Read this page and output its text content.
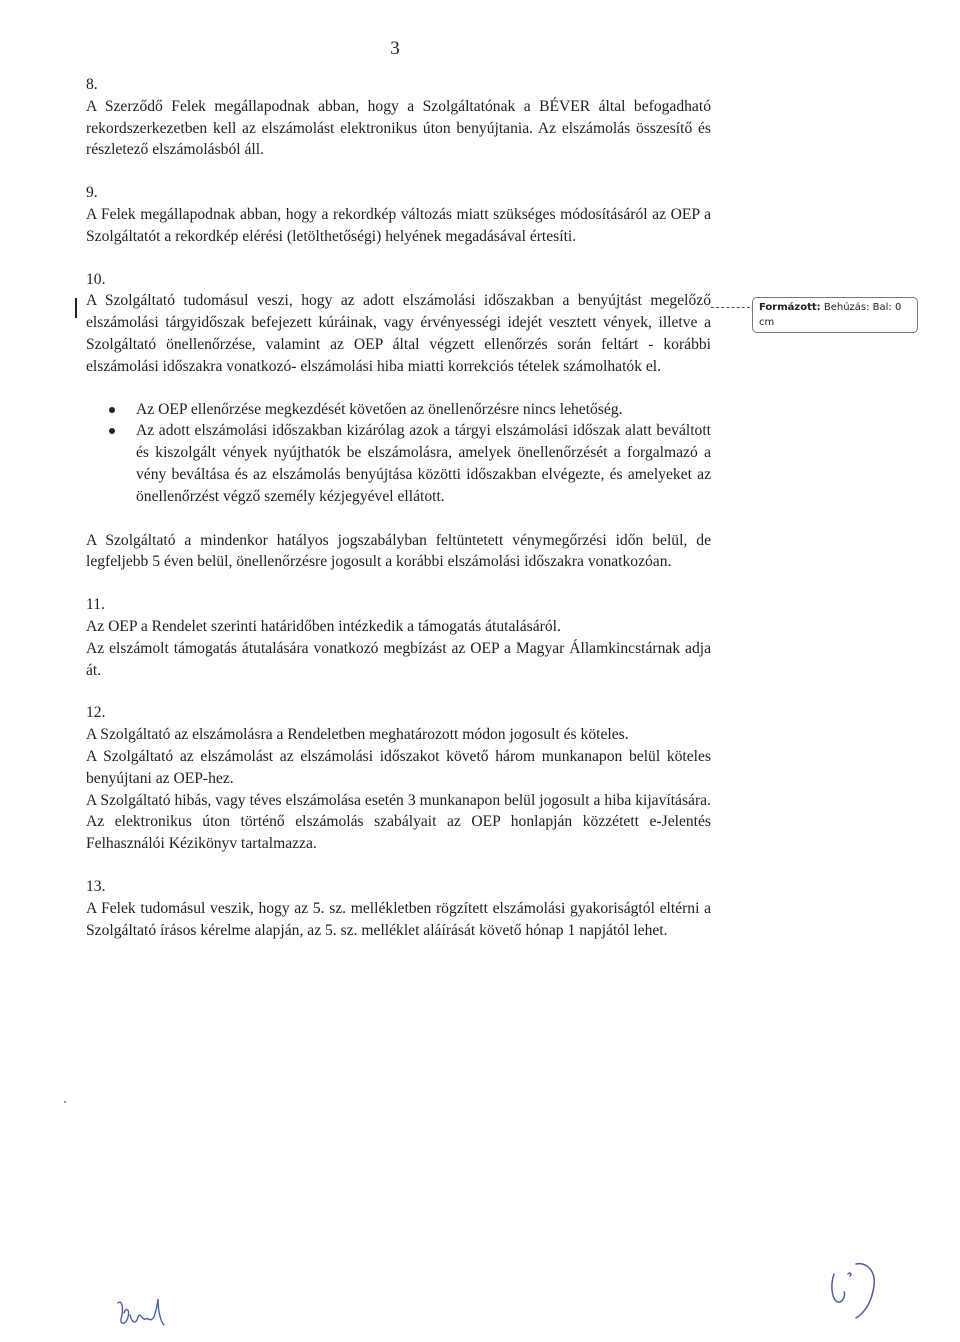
3
Formázott: Behúzás: Bal: 0 cm

8.

A Szerződő Felek megállapodnak abban, hogy a Szolgáltatónak a BÉVER által befogadható rekordszerkezetben kell az elszámolást elektronikus úton benyújtania. Az elszámolás összesítő és részletező elszámolásból áll.

9.

A Felek megállapodnak abban, hogy a rekordkép változás miatt szükséges módosításáról az OEP a Szolgáltatót a rekordkép elérési (letölthetőségi) helyének megadásával értesíti.

10.

A Szolgáltató tudomásul veszi, hogy az adott elszámolási időszakban a benyújtást megelőző elszámolási tárgyidőszak befejezett kúráinak, vagy érvényességi idejét vesztett vények, illetve a Szolgáltató önellenőrzése, valamint az OEP által végzett ellenőrzés során feltárt - korábbi elszámolási időszakra vonatkozó- elszámolási hiba miatti korrekciós tételek számolhatók el.

Az OEP ellenőrzése megkezdését követően az önellenőrzésre nincs lehetőség.
Az adott elszámolási időszakban kizárólag azok a tárgyi elszámolási időszak alatt beváltott és kiszolgált vények nyújthatók be elszámolásra, amelyek önellenőrzését a forgalmazó a vény beváltása és az elszámolás benyújtása közötti időszakban elvégezte, és amelyeket az önellenőrzést végző személy kézjegyével ellátott.

A Szolgáltató a mindenkor hatályos jogszabályban feltüntetett vénymegőrzési időn belül, de legfeljebb 5 éven belül, önellenőrzésre jogosult a korábbi elszámolási időszakra vonatkozóan.

11.

Az OEP a Rendelet szerinti határidőben intézkedik a támogatás átutalásáról.

Az elszámolt támogatás átutalására vonatkozó megbízást az OEP a Magyar Államkincstárnak adja át.

12.

A Szolgáltató az elszámolásra a Rendeletben meghatározott módon jogosult és köteles.

A Szolgáltató az elszámolást az elszámolási időszakot követő három munkanapon belül köteles benyújtani az OEP-hez.

A Szolgáltató hibás, vagy téves elszámolása esetén 3 munkanapon belül jogosult a hiba kijavítására. Az elektronikus úton történő elszámolás szabályait az OEP honlapján közzétett e-Jelentés Felhasználói Kézikönyv tartalmazza.

13.

A Felek tudomásul veszik, hogy az 5. sz. mellékletben rögzített elszámolási gyakoriságtól eltérni a Szolgáltató írásos kérelme alapján, az 5. sz. melléklet aláírását követő hónap 1 napjától lehet.
